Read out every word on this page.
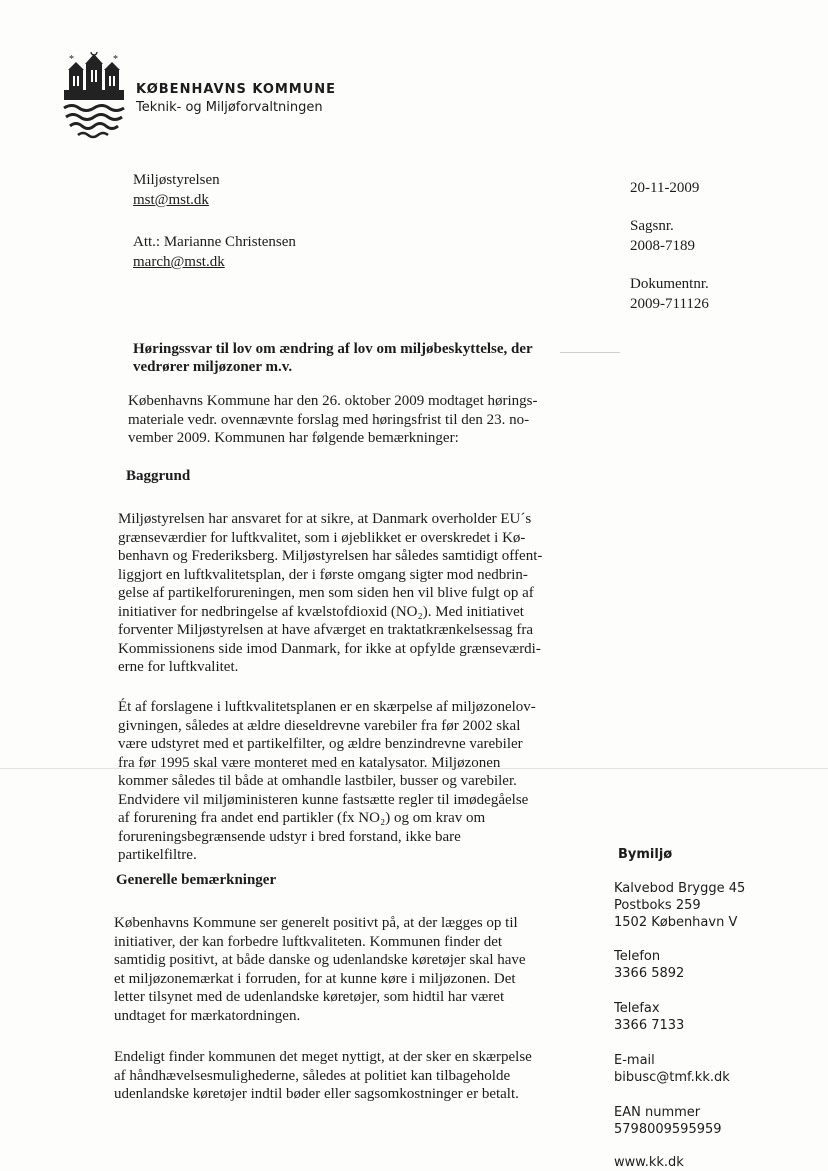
*	*
KØBENHAVNS KOMMUNE
Teknik- og Miljøforvaltningen
Miljøstyrelsen
mst@mst.dk
Att.: Marianne Christensen
march@mst.dk
20-11-2009
Sagsnr.
2008-7189
Dokumentnr.
2009-711126
Høringssvar til lov om ændring af lov om miljøbeskyttelse, der
vedrører miljøzoner m.v.

Københavns Kommune har den 26. oktober 2009 modtaget hørings-

materiale vedr. ovennævnte forslag med høringsfrist til den 23. no-

vember 2009. Kommunen har følgende bemærkninger:

Baggrund

Miljøstyrelsen har ansvaret for at sikre, at Danmark overholder EU´s

grænseværdier for luftkvalitet, som i øjeblikket er overskredet i Kø-

benhavn og Frederiksberg. Miljøstyrelsen har således samtidigt offent-

liggjort en luftkvalitetsplan, der i første omgang sigter mod nedbrin-

gelse af partikelforureningen, men som siden hen vil blive fulgt op af

initiativer for nedbringelse af kvælstofdioxid (NO₂). Med initiativet

forventer Miljøstyrelsen at have afværget en traktatkrænkelsessag fra

Kommissionens side imod Danmark, for ikke at opfylde grænseværdi-

erne for luftkvalitet.

Ét af forslagene i luftkvalitetsplanen er en skærpelse af miljøzonelov-

givningen, således at ældre dieseldrevne varebiler fra før 2002 skal

være udstyret med et partikelfilter, og ældre benzindrevne varebiler

fra før 1995 skal være monteret med en katalysator. Miljøzonen

kommer således til både at omhandle lastbiler, busser og varebiler.

Endvidere vil miljøministeren kunne fastsætte regler til imødegåelse

af forurening fra andet end partikler (fx NO₂) og om krav om

forureningsbegrænsende udstyr i bred forstand, ikke bare

partikelfiltre.

Generelle bemærkninger

Københavns Kommune ser generelt positivt på, at der lægges op til

initiativer, der kan forbedre luftkvaliteten. Kommunen finder det

samtidig positivt, at både danske og udenlandske køretøjer skal have

et miljøzonemærkat i forruden, for at kunne køre i miljøzonen. Det

letter tilsynet med de udenlandske køretøjer, som hidtil har været

undtaget for mærkatordningen.

Endeligt finder kommunen det meget nyttigt, at der sker en skærpelse

af håndhævelsesmulighederne, således at politiet kan tilbageholde

udenlandske køretøjer indtil bøder eller sagsomkostninger er betalt.

Bymiljø
Kalvebod Brygge 45
Postboks 259
1502 København V
Telefon
3366 5892
Telefax
3366 7133
E-mail
bibusc@tmf.kk.dk
EAN nummer
5798009595959
www.kk.dk
